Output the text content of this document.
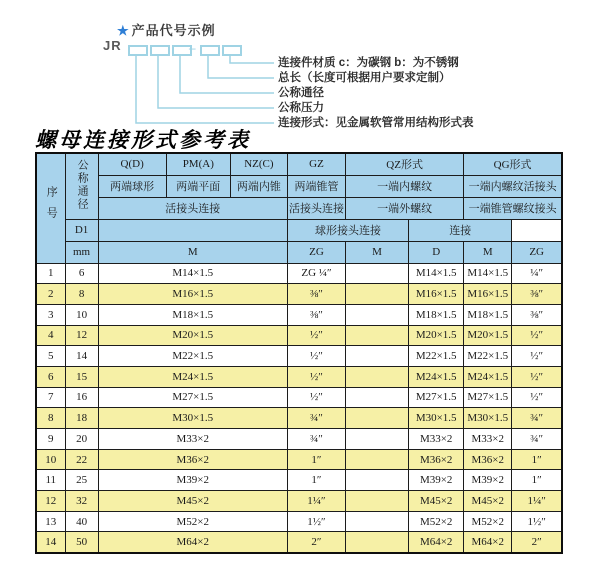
★ 产品代号示例
JR	–
连接件材质 c：为碳钢 b：为不锈钢
总长（长度可根据用户要求定制）
公称通径
公称压力
连接形式：见金属软管常用结构形式表
螺母连接形式参考表
序号	公称通径	Q(D)	PM(A)	NZ(C)	GZ	QZ形式		QG形式	
		两端球形	两端平面	两端内锥	两端锥管	一端内螺纹		一端内螺纹活接头	
		活接头连接			活接头连接	一端外螺纹		一端锥管螺纹接头	
	D1				球形接头连接		连接		
	mm	M			ZG	M	D	M	ZG
1	6	M14×1.5			ZG ¼″		M14×1.5	M14×1.5	¼″
2	8	M16×1.5			⅜″		M16×1.5	M16×1.5	⅜″
3	10	M18×1.5			⅜″		M18×1.5	M18×1.5	⅜″
4	12	M20×1.5			½″		M20×1.5	M20×1.5	½″
5	14	M22×1.5			½″		M22×1.5	M22×1.5	½″
6	15	M24×1.5			½″		M24×1.5	M24×1.5	½″
7	16	M27×1.5			½″		M27×1.5	M27×1.5	½″
8	18	M30×1.5			¾″		M30×1.5	M30×1.5	¾″
9	20	M33×2			¾″		M33×2	M33×2	¾″
10	22	M36×2			1″		M36×2	M36×2	1″
11	25	M39×2			1″		M39×2	M39×2	1″
12	32	M45×2			1¼″		M45×2	M45×2	1¼″
13	40	M52×2			1½″		M52×2	M52×2	1½″
14	50	M64×2			2″		M64×2	M64×2	2″
